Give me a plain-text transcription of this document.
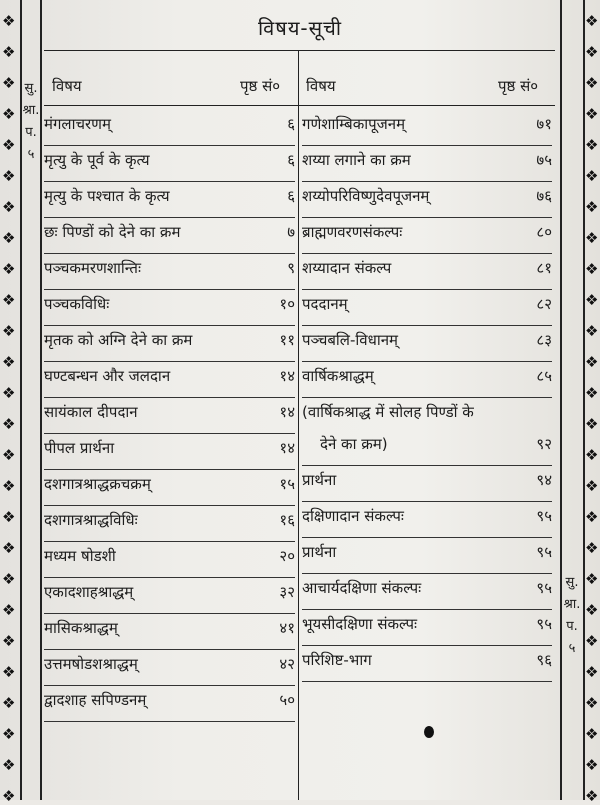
❖
❖
❖
❖
❖
❖
❖
❖
❖
❖
❖
❖
❖
❖
❖
❖
❖
❖
❖
❖
❖
❖
❖
❖
❖
❖
❖
❖
❖
❖
❖
❖
❖
❖
❖
❖
❖
❖
❖
❖
❖
❖
❖
❖
❖
❖
❖
❖
❖
❖
❖
❖
सु.
श्रा.
प.
५
सु.
श्रा.
प.
५
विषय-सूची
विषय	पृष्ठ सं० विषय	पृष्ठ सं०
मंगलाचरणम्	६
मृत्यु के पूर्व के कृत्य	६
मृत्यु के पश्चात के कृत्य	६
छः पिण्डों को देने का क्रम	७
पञ्चकमरणशान्तिः	९
पञ्चकविधिः	१०
मृतक को अग्नि देने का क्रम	११
घण्टबन्धन और जलदान	१४
सायंकाल दीपदान	१४
पीपल प्रार्थना	१४
दशगात्रश्राद्धक्रचक्रम्	१५
दशगात्रश्राद्धविधिः	१६
मध्यम षोडशी	२०
एकादशाहश्राद्धम्	३२
मासिकश्राद्धम्	४१
उत्तमषोडशश्राद्धम्	४२
द्वादशाह सपिण्डनम्	५०
गणेशाम्बिकापूजनम्	७१
शय्या लगाने का क्रम	७५
शय्योपरिविष्णुदेवपूजनम्	७६
ब्राह्मणवरणसंकल्पः	८०
शय्यादान संकल्प	८१
पददानम्	८२
पञ्चबलि-विधानम्	८३
वार्षिकश्राद्धम्	८५
(वार्षिकश्राद्ध में सोलह पिण्डों के
देने का क्रम)	९२
प्रार्थना	९४
दक्षिणादान संकल्पः	९५
प्रार्थना	९५
आचार्यदक्षिणा संकल्पः	९५
भूयसीदक्षिणा संकल्पः	९५
परिशिष्ट-भाग	९६
